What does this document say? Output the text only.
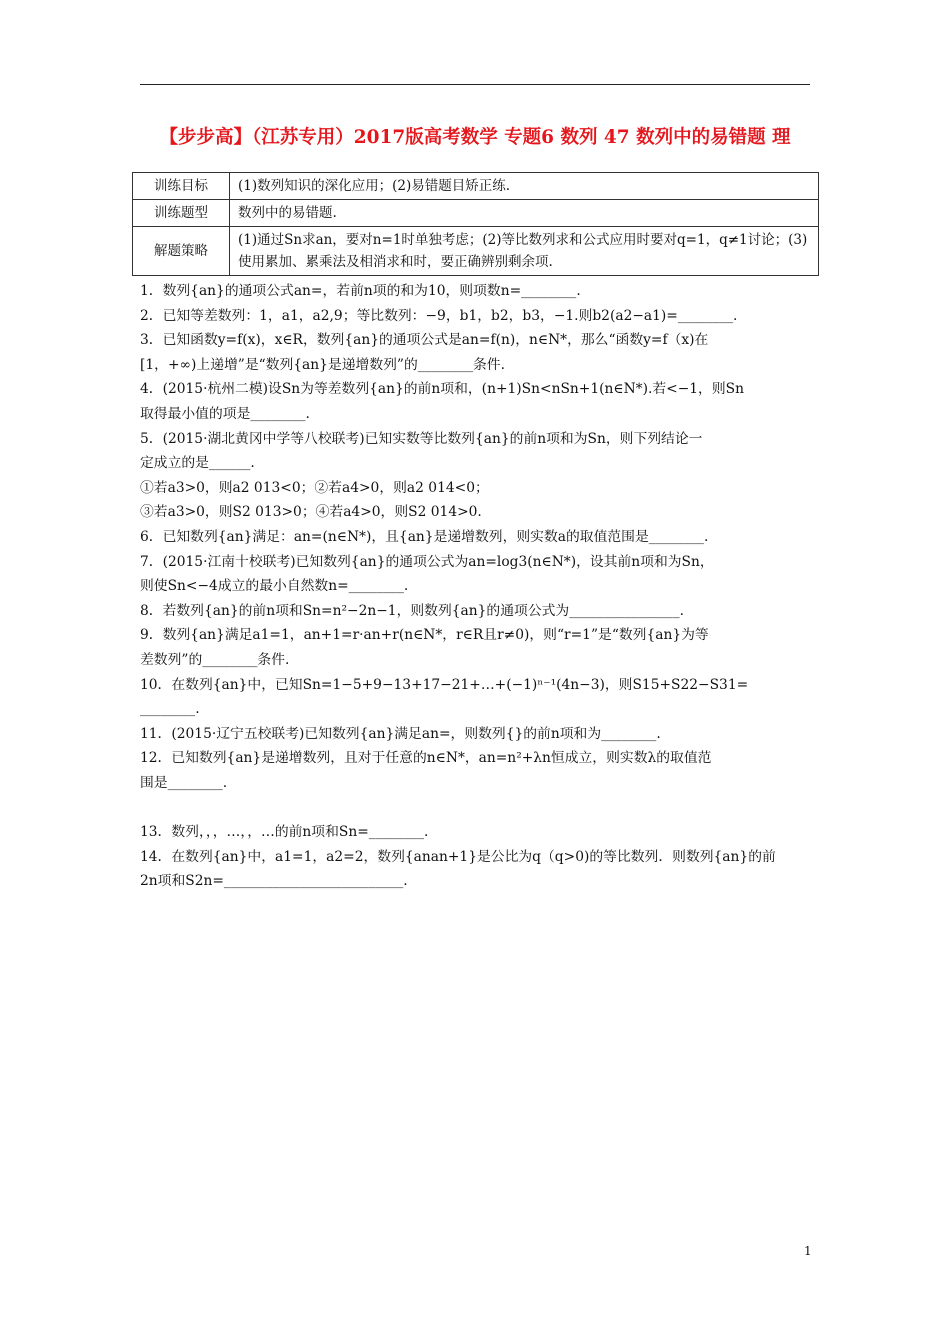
【步步高】（江苏专用）2017版高考数学 专题6 数列 47 数列中的易错题 理
训练目标	(1)数列知识的深化应用；(2)易错题目矫正练.
训练题型	数列中的易错题.
解题策略	(1)通过Sn求an，要对n=1时单独考虑；(2)等比数列求和公式应用时要对q=1，q≠1讨论；(3)使用累加、累乘法及相消求和时，要正确辨别剩余项.

1．数列{an}的通项公式an=，若前n项的和为10，则项数n=________.

2．已知等差数列：1，a1，a2,9；等比数列：−9，b1，b2，b3，−1.则b2(a2−a1)=________.

3．已知函数y=f(x)，x∈R，数列{an}的通项公式是an=f(n)，n∈N*，那么“函数y=f（x)在

[1，+∞)上递增”是“数列{an}是递增数列”的________条件.

4．(2015·杭州二模)设Sn为等差数列{an}的前n项和，(n+1)Sn<nSn+1(n∈N*).若<−1，则Sn

取得最小值的项是________.

5．(2015·湖北黄冈中学等八校联考)已知实数等比数列{an}的前n项和为Sn，则下列结论一

定成立的是______.

①若a3>0，则a2 013<0；②若a4>0，则a2 014<0；

③若a3>0，则S2 013>0；④若a4>0，则S2 014>0.

6．已知数列{an}满足：an=(n∈N*)，且{an}是递增数列，则实数a的取值范围是________.

7．(2015·江南十校联考)已知数列{an}的通项公式为an=log3(n∈N*)，设其前n项和为Sn，

则使Sn<−4成立的最小自然数n=________.

8．若数列{an}的前n项和Sn=n²−2n−1，则数列{an}的通项公式为________________.

9．数列{an}满足a1=1，an+1=r·an+r(n∈N*，r∈R且r≠0)，则“r=1”是“数列{an}为等

差数列”的________条件.

10．在数列{an}中，已知Sn=1−5+9−13+17−21+…+(−1)ⁿ⁻¹(4n−3)，则S15+S22−S31=

________.

11．(2015·辽宁五校联考)已知数列{an}满足an=，则数列{}的前n项和为________.

12．已知数列{an}是递增数列，且对于任意的n∈N*，an=n²+λn恒成立，则实数λ的取值范

围是________.

13．数列，，，…，，…的前n项和Sn=________.

14．在数列{an}中，a1=1，a2=2，数列{anan+1}是公比为q（q>0)的等比数列．则数列{an}的前

2n项和S2n=__________________________.

1
